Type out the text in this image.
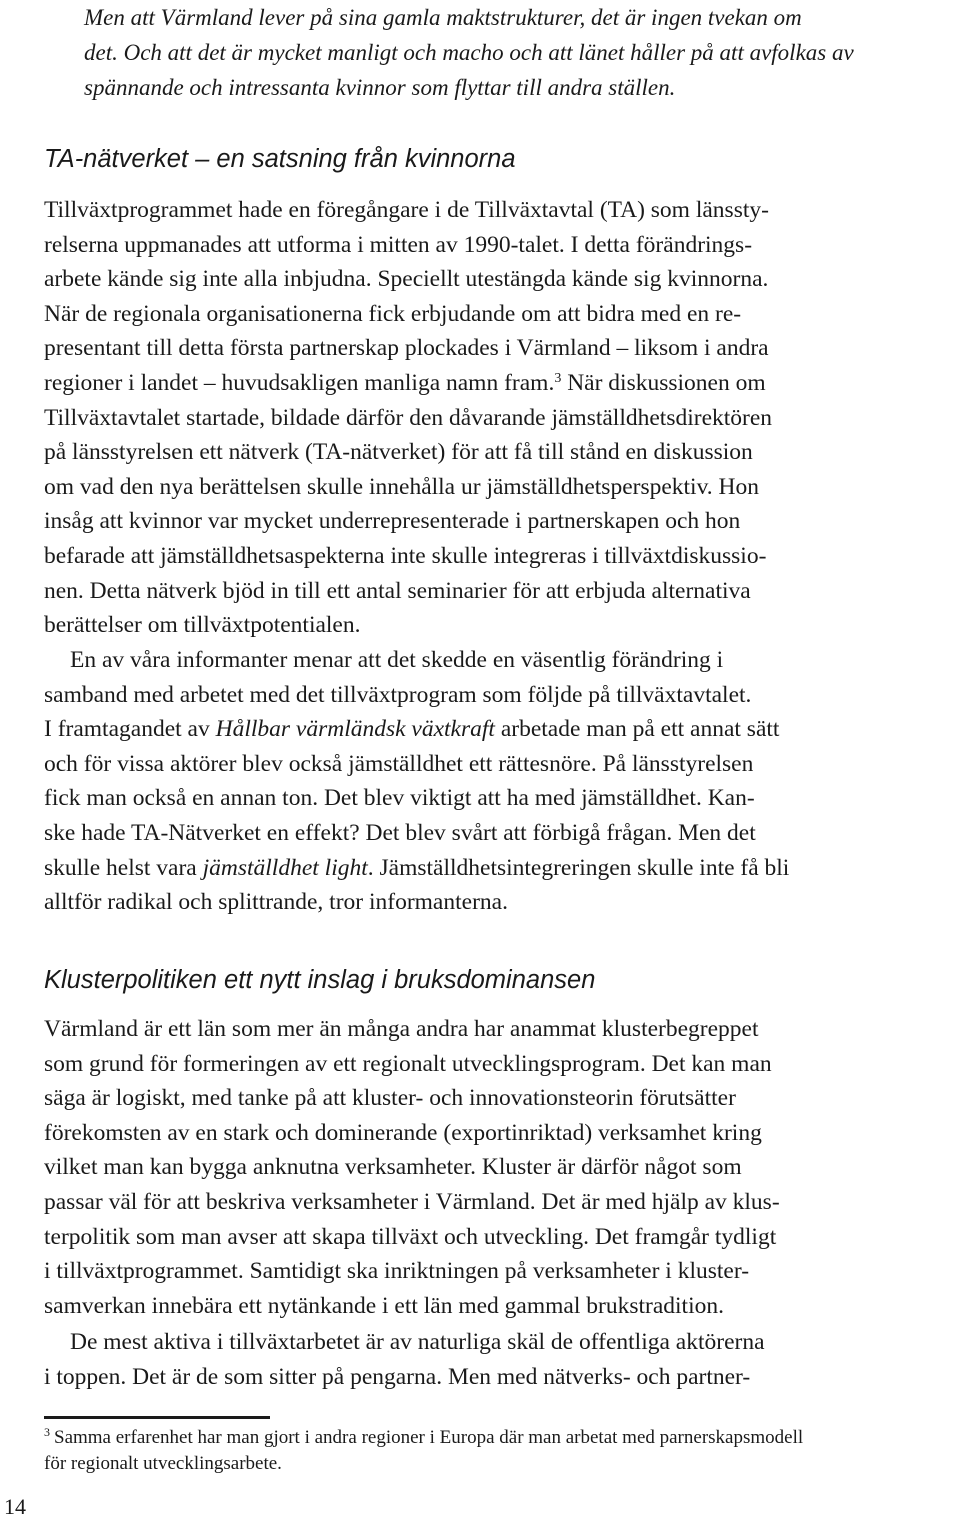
Men att Värmland lever på sina gamla maktstrukturer, det är ingen tvekan om
det. Och att det är mycket manligt och macho och att länet håller på att avfolkas av
spännande och intressanta kvinnor som flyttar till andra ställen.
TA-nätverket – en satsning från kvinnorna
Tillväxtprogrammet hade en föregångare i de Tillväxtavtal (TA) som länssty-
relserna uppmanades att utforma i mitten av 1990-talet. I detta förändrings-
arbete kände sig inte alla inbjudna. Speciellt utestängda kände sig kvinnorna.
När de regionala organisationerna fick erbjudande om att bidra med en re-
presentant till detta första partnerskap plockades i Värmland – liksom i andra
regioner i landet – huvudsakligen manliga namn fram.$^3$ När diskussionen om
Tillväxtavtalet startade, bildade därför den dåvarande jämställdhetsdirektören
på länsstyrelsen ett nätverk (TA-nätverket) för att få till stånd en diskussion
om vad den nya berättelsen skulle innehålla ur jämställdhetsperspektiv. Hon
insåg att kvinnor var mycket underrepresenterade i partnerskapen och hon
befarade att jämställdhetsaspekterna inte skulle integreras i tillväxtdiskussio-
nen. Detta nätverk bjöd in till ett antal seminarier för att erbjuda alternativa
berättelser om tillväxtpotentialen.
En av våra informanter menar att det skedde en väsentlig förändring i
samband med arbetet med det tillväxtprogram som följde på tillväxtavtalet.
I framtagandet av Hållbar värmländsk växtkraft arbetade man på ett annat sätt
och för vissa aktörer blev också jämställdhet ett rättesnöre. På länsstyrelsen
fick man också en annan ton. Det blev viktigt att ha med jämställdhet. Kan-
ske hade TA-Nätverket en effekt? Det blev svårt att förbigå frågan. Men det
skulle helst vara jämställdhet light. Jämställdhetsintegreringen skulle inte få bli
alltför radikal och splittrande, tror informanterna.
Klusterpolitiken ett nytt inslag i bruksdominansen
Värmland är ett län som mer än många andra har anammat klusterbegreppet
som grund för formeringen av ett regionalt utvecklingsprogram. Det kan man
säga är logiskt, med tanke på att kluster- och innovationsteorin förutsätter
förekomsten av en stark och dominerande (exportinriktad) verksamhet kring
vilket man kan bygga anknutna verksamheter. Kluster är därför något som
passar väl för att beskriva verksamheter i Värmland. Det är med hjälp av klus-
terpolitik som man avser att skapa tillväxt och utveckling. Det framgår tydligt
i tillväxtprogrammet. Samtidigt ska inriktningen på verksamheter i kluster-
samverkan innebära ett nytänkande i ett län med gammal brukstradition.
De mest aktiva i tillväxtarbetet är av naturliga skäl de offentliga aktörerna
i toppen. Det är de som sitter på pengarna. Men med nätverks- och partner-
$^3$ Samma erfarenhet har man gjort i andra regioner i Europa där man arbetat med parnerskapsmodell
för regionalt utvecklingsarbete.
14
